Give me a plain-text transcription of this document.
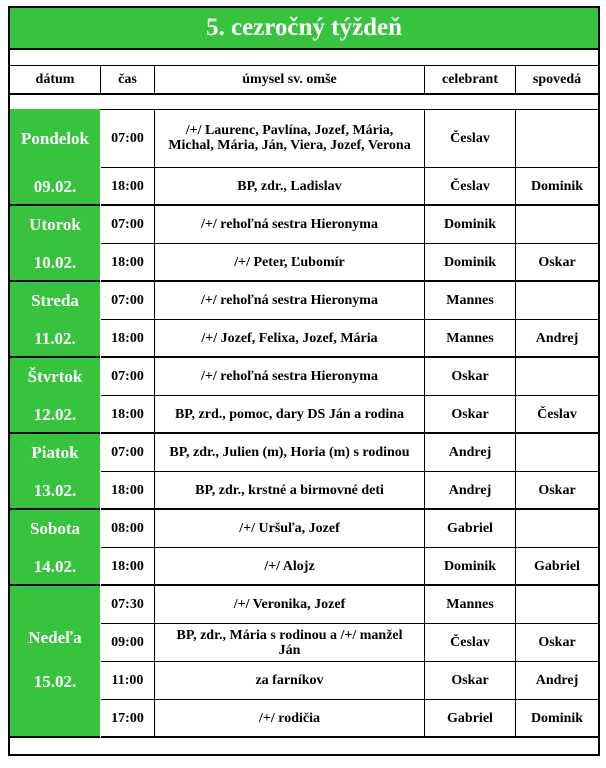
5. cezročný týždeň
dátum	čas	úmysel sv. omše	celebrant	spovedá
Pondelok
09.02.
07:00	/+/ Laurenc, Pavlína, Jozef, Mária, Michal, Mária, Ján, Viera, Jozef, Verona	Česlav
18:00	BP, zdr., Ladislav	Česlav	Dominik
Utorok
10.02.
07:00	/+/ rehoľná sestra Hieronyma	Dominik
18:00	/+/ Peter, Ľubomír	Dominik	Oskar
Streda
11.02.
07:00	/+/ rehoľná sestra Hieronyma	Mannes
18:00	/+/ Jozef, Felixa, Jozef, Mária	Mannes	Andrej
Štvrtok
12.02.
07:00	/+/ rehoľná sestra Hieronyma	Oskar
18:00	BP, zrd., pomoc, dary DS Ján a rodina	Oskar	Česlav
Piatok
13.02.
07:00	BP, zdr., Julien (m), Horia (m) s rodinou	Andrej
18:00	BP, zdr., krstné a birmovné deti	Andrej	Oskar
Sobota
14.02.
08:00	/+/ Uršuľa, Jozef	Gabriel
18:00	/+/ Alojz	Dominik	Gabriel
Nedeľa
15.02.
07:30	/+/ Veronika, Jozef	Mannes
09:00	BP, zdr., Mária s rodinou a /+/ manžel Ján	Česlav	Oskar
11:00	za farníkov	Oskar	Andrej
17:00	/+/ rodičia	Gabriel	Dominik
